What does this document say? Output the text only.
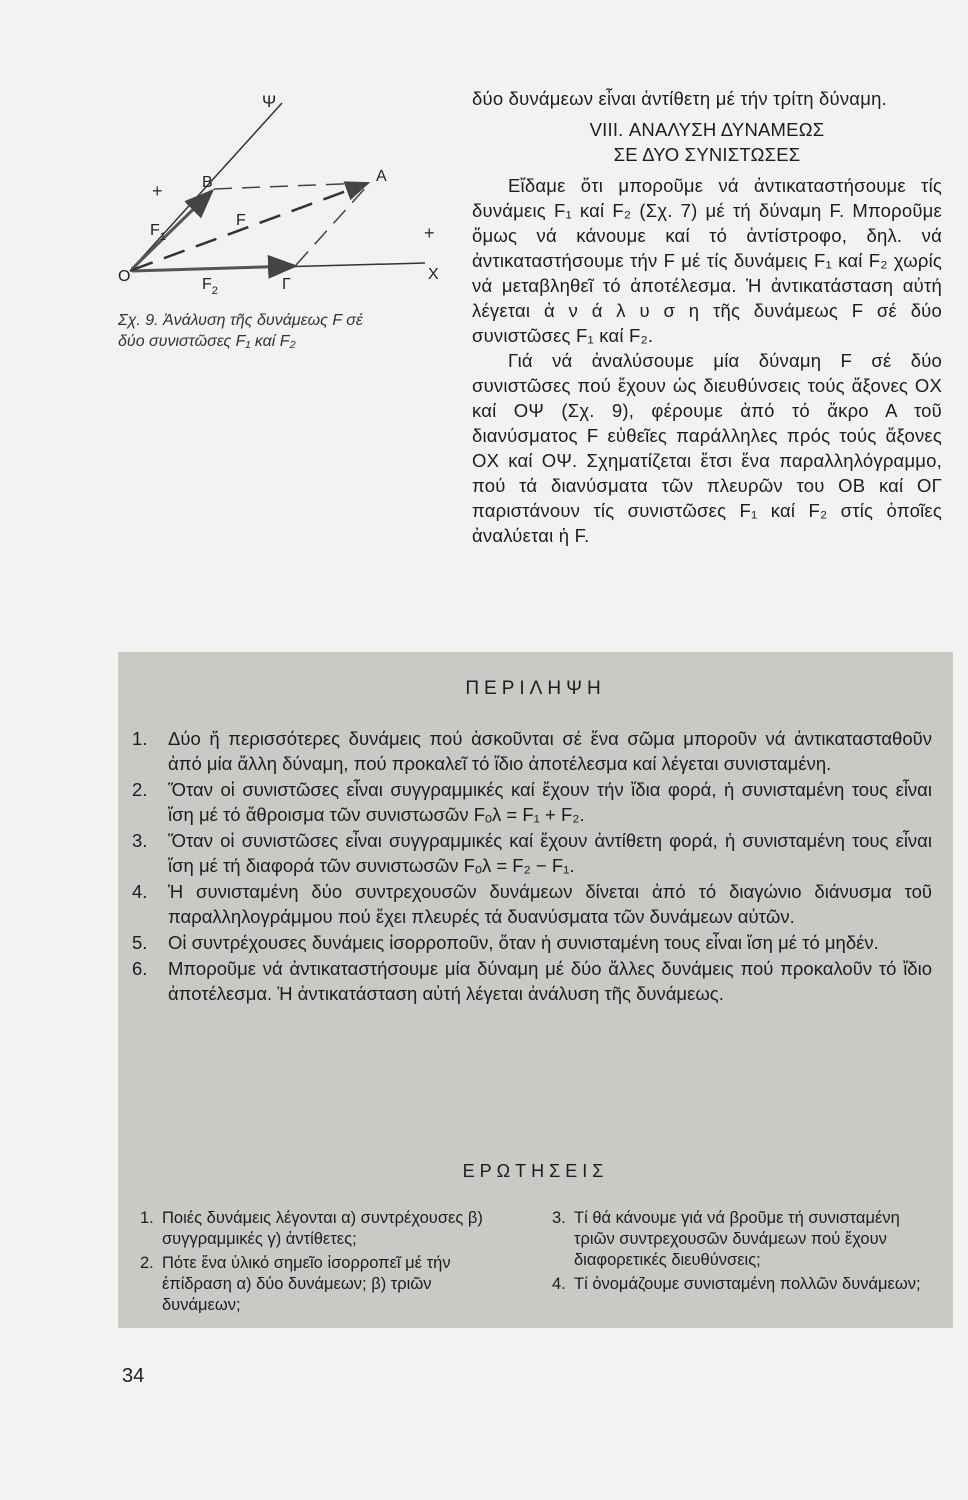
Ψ
B	A
F
$F_1$
$F_2$
O	Γ
X
+
+
Σχ. 9. Ἀνάλυση τῆς δυνάμεως F σέ
δύο συνιστῶσες F₁ καί F₂

δύο δυνάμεων εἶναι ἀντίθετη μέ τήν τρίτη δύναμη.

VIII. ΑΝΑΛΥΣΗ ΔΥΝΑΜΕΩΣ
ΣΕ ΔΥΟ ΣΥΝΙΣΤΩΣΕΣ

Εἴδαμε ὅτι μποροῦμε νά ἀντικαταστήσουμε τίς δυνάμεις F₁ καί F₂ (Σχ. 7) μέ τή δύναμη F. Μποροῦμε ὅμως νά κάνουμε καί τό ἀντίστροφο, δηλ. νά ἀντικαταστήσουμε τήν F μέ τίς δυνάμεις F₁ καί F₂ χωρίς νά μεταβληθεῖ τό ἀποτέλεσμα. Ἡ ἀντικατάσταση αὐτή λέγεται ἀ ν ά λ υ σ η τῆς δυνάμεως F σέ δύο συνιστῶσες F₁ καί F₂.

Γιά νά ἀναλύσουμε μία δύναμη F σέ δύο συνιστῶσες πού ἔχουν ὡς διευθύνσεις τούς ἄξονες ΟΧ καί ΟΨ (Σχ. 9), φέρουμε ἀπό τό ἄκρο Α τοῦ διανύσματος F εὐθεῖες παράλληλες πρός τούς ἄξονες ΟΧ καί ΟΨ. Σχηματίζεται ἔτσι ἕνα παραλληλόγραμμο, πού τά διανύσματα τῶν πλευρῶν του ΟΒ καί ΟΓ παριστάνουν τίς συνιστῶσες F₁ καί F₂ στίς ὁποῖες ἀναλύεται ἡ F.

ΠΕΡΙΛΗΨΗ
1. Δύο ἤ περισσότερες δυνάμεις πού ἀσκοῦνται σέ ἕνα σῶμα μποροῦν νά ἀντικατασταθοῦν ἀπό μία ἄλλη δύναμη, πού προκαλεῖ τό ἴδιο ἀποτέλεσμα καί λέγεται συνισταμένη.
2. Ὅταν οἱ συνιστῶσες εἶναι συγγραμμικές καί ἔχουν τήν ἴδια φορά, ἡ συνισταμένη τους εἶναι ἴση μέ τό ἄθροισμα τῶν συνιστωσῶν Fₒλ = F₁ + F₂.
3. Ὅταν οἱ συνιστῶσες εἶναι συγγραμμικές καί ἔχουν ἀντίθετη φορά, ἡ συνισταμένη τους εἶναι ἴση μέ τή διαφορά τῶν συνιστωσῶν Fₒλ = F₂ − F₁.
4. Ἡ συνισταμένη δύο συντρεχουσῶν δυνάμεων δίνεται ἀπό τό διαγώνιο διάνυσμα τοῦ παραλληλογράμμου πού ἔχει πλευρές τά δυανύσματα τῶν δυνάμεων αὐτῶν.
5. Οἱ συντρέχουσες δυνάμεις ἰσορροποῦν, ὅταν ἡ συνισταμένη τους εἶναι ἴση μέ τό μηδέν.
6. Μποροῦμε νά ἀντικαταστήσουμε μία δύναμη μέ δύο ἄλλες δυνάμεις πού προκαλοῦν τό ἴδιο ἀποτέλεσμα. Ἡ ἀντικατάσταση αὐτή λέγεται ἀνάλυση τῆς δυνάμεως.
ΕΡΩΤΗΣΕΙΣ
1. Ποιές δυνάμεις λέγονται α) συντρέχουσες β) συγγραμμικές γ) ἀντίθετες;
2. Πότε ἕνα ὑλικό σημεῖο ἰσορροπεῖ μέ τήν ἐπίδραση α) δύο δυνάμεων; β) τριῶν δυνάμεων;
3. Τί θά κάνουμε γιά νά βροῦμε τή συνισταμένη τριῶν συντρεχουσῶν δυνάμεων πού ἔχουν διαφορετικές διευθύνσεις;
4. Τί ὀνομάζουμε συνισταμένη πολλῶν δυνάμεων;
34
